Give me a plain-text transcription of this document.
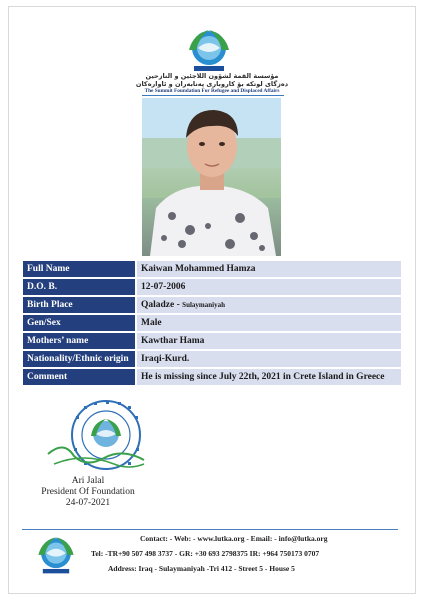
مؤسسة القمة لشؤون اللاجئين و النازحين
دەزگای لوتکە بۆ کاروباری پەنابەران و ئاوارەکان
The Summit Foundation For Refugee and Displaced Affairs
Full Name	Kaiwan Mohammed Hamza
D.O. B.	12-07-2006
Birth Place	Qaladze - Sulaymaniyah
Gen/Sex	Male
Mothers’ name	Kawthar Hama
Nationality/Ethnic origin	Iraqi-Kurd.
Comment	He is missing since July 22th, 2021 in Crete Island in Greece
Ari Jalal
President Of Foundation
24-07-2021
Contact: - Web: - www.lutka.org - Email: - info@lutka.org
Tel: -TR+90 507 498 3737 - GR: +30 693 2798375 IR: +964 750173 0707
Address: Iraq - Sulaymaniyah -Tri 412 - Street 5 - House 5
